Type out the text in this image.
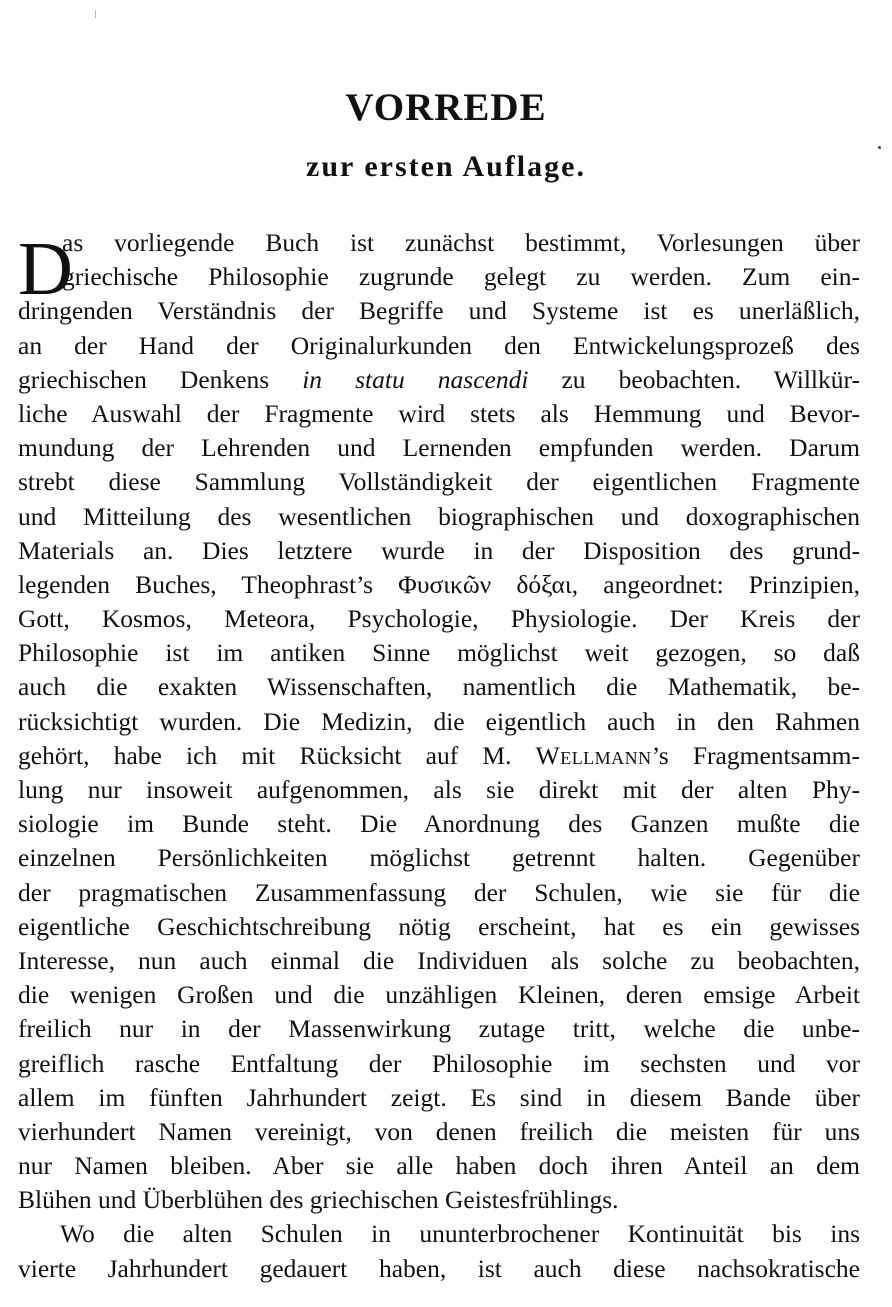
VORREDE
zur ersten Auflage.
D
as vorliegende Buch ist zunächst bestimmt, Vorlesungen über
griechische Philosophie zugrunde gelegt zu werden. Zum ein-
dringenden Verständnis der Begriffe und Systeme ist es unerläßlich,
an der Hand der Originalurkunden den Entwickelungsprozeß des
griechischen Denkens in statu nascendi zu beobachten. Willkür-
liche Auswahl der Fragmente wird stets als Hemmung und Bevor-
mundung der Lehrenden und Lernenden empfunden werden. Darum
strebt diese Sammlung Vollständigkeit der eigentlichen Fragmente
und Mitteilung des wesentlichen biographischen und doxographischen
Materials an. Dies letztere wurde in der Disposition des grund-
legenden Buches, Theophrast’s Φυσικῶν δόξαι, angeordnet: Prinzipien,
Gott, Kosmos, Meteora, Psychologie, Physiologie. Der Kreis der
Philosophie ist im antiken Sinne möglichst weit gezogen, so daß
auch die exakten Wissenschaften, namentlich die Mathematik, be-
rücksichtigt wurden. Die Medizin, die eigentlich auch in den Rahmen
gehört, habe ich mit Rücksicht auf M. Wellmann’s Fragmentsamm-
lung nur insoweit aufgenommen, als sie direkt mit der alten Phy-
siologie im Bunde steht. Die Anordnung des Ganzen mußte die
einzelnen Persönlichkeiten möglichst getrennt halten. Gegenüber
der pragmatischen Zusammenfassung der Schulen, wie sie für die
eigentliche Geschichtschreibung nötig erscheint, hat es ein gewisses
Interesse, nun auch einmal die Individuen als solche zu beobachten,
die wenigen Großen und die unzähligen Kleinen, deren emsige Arbeit
freilich nur in der Massenwirkung zutage tritt, welche die unbe-
greiflich rasche Entfaltung der Philosophie im sechsten und vor
allem im fünften Jahrhundert zeigt. Es sind in diesem Bande über
vierhundert Namen vereinigt, von denen freilich die meisten für uns
nur Namen bleiben. Aber sie alle haben doch ihren Anteil an dem
Blühen und Überblühen des griechischen Geistesfrühlings.
Wo die alten Schulen in ununterbrochener Kontinuität bis ins
vierte Jahrhundert gedauert haben, ist auch diese nachsokratische
